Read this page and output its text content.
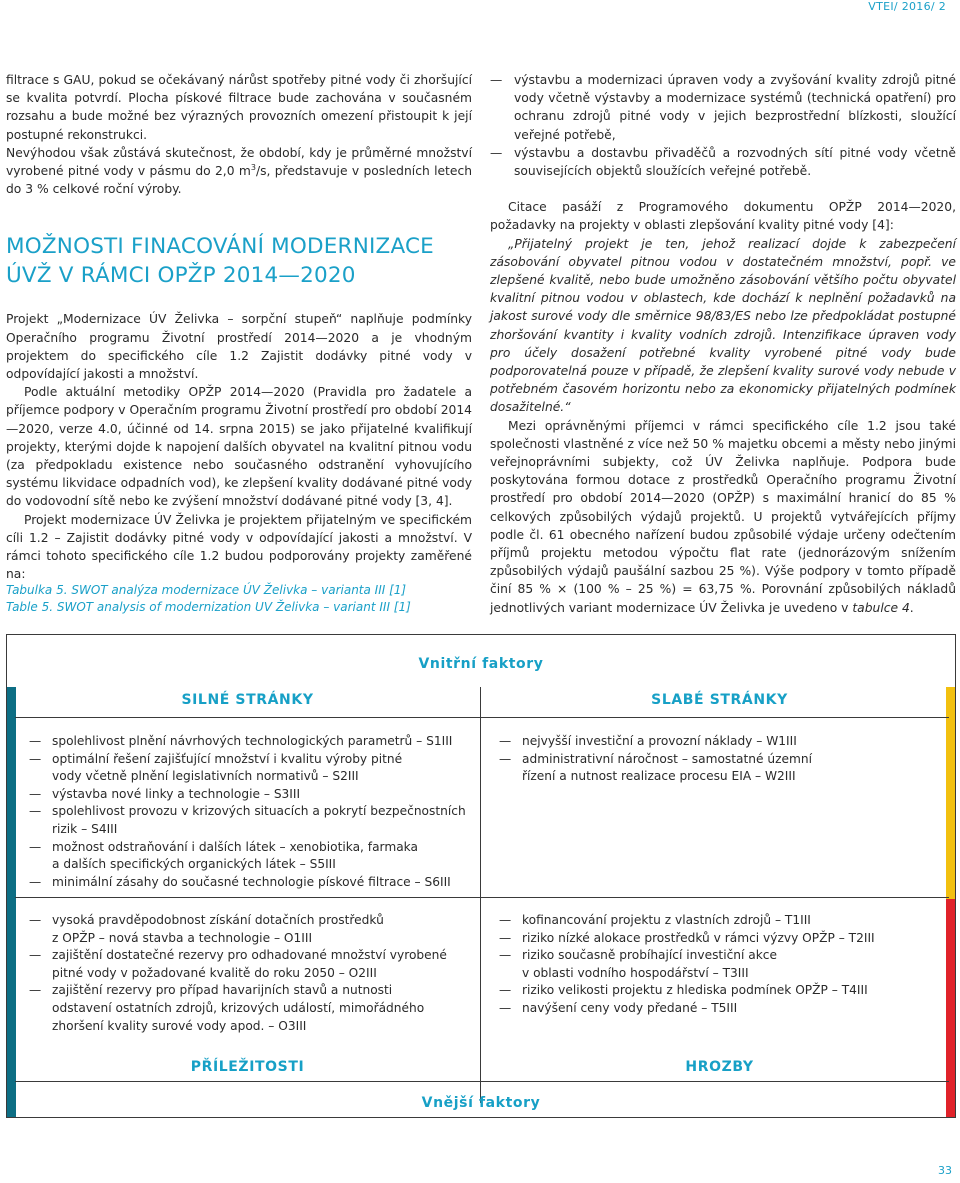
VTEI/ 2016/ 2

filtrace s GAU, pokud se očekávaný nárůst spotřeby pitné vody či zhoršující se kvalita potvrdí. Plocha pískové filtrace bude zachována v současném rozsahu a bude možné bez výrazných provozních omezení přistoupit k její postupné rekonstrukci.

Nevýhodou však zůstává skutečnost, že období, kdy je průměrné množství vyrobené pitné vody v pásmu do 2,0 $m^3/s$, představuje v posledních letech do 3 % celkové roční výroby.

MOŽNOSTI FINACOVÁNÍ MODERNIZACE
ÚVŽ V RÁMCI OPŽP 2014—2020

Projekt „Modernizace ÚV Želivka – sorpční stupeň“ naplňuje podmínky Operačního programu Životní prostředí 2014—2020 a je vhodným projektem do specifického cíle 1.2 Zajistit dodávky pitné vody v odpovídající jakosti a množství.

Podle aktuální metodiky OPŽP 2014—2020 (Pravidla pro žadatele a příjemce podpory v Operačním programu Životní prostředí pro období 2014—2020, verze 4.0, účinné od 14. srpna 2015) se jako přijatelné kvalifikují projekty, kterými dojde k napojení dalších obyvatel na kvalitní pitnou vodu (za předpokladu existence nebo současného odstranění vyhovujícího systému likvidace odpadních vod), ke zlepšení kvality dodávané pitné vody do vodovodní sítě nebo ke zvýšení množství dodávané pitné vody [3, 4].

Projekt modernizace ÚV Želivka je projektem přijatelným ve specifickém cíli 1.2 – Zajistit dodávky pitné vody v odpovídající jakosti a množství. V rámci tohoto specifického cíle 1.2 budou podporovány projekty zaměřené na:

— výstavbu a modernizaci úpraven vody a zvyšování kvality zdrojů pitné vody včetně výstavby a modernizace systémů (technická opatření) pro ochranu zdrojů pitné vody v jejich bezprostřední blízkosti, sloužící veřejné potřebě,
— výstavbu a dostavbu přivaděčů a rozvodných sítí pitné vody včetně souvisejících objektů sloužících veřejné potřebě.

Citace pasáží z Programového dokumentu OPŽP 2014—2020, požadavky na projekty v oblasti zlepšování kvality pitné vody [4]:

„Přijatelný projekt je ten, jehož realizací dojde k zabezpečení zásobování obyvatel pitnou vodou v dostatečném množství, popř. ve zlepšené kvalitě, nebo bude umožněno zásobování většího počtu obyvatel kvalitní pitnou vodou v oblastech, kde dochází k neplnění požadavků na jakost surové vody dle směrnice 98/83/ES nebo lze předpokládat postupné zhoršování kvantity i kvality vodních zdrojů. Intenzifikace úpraven vody pro účely dosažení potřebné kvality vyrobené pitné vody bude podporovatelná pouze v případě, že zlepšení kvality surové vody nebude v potřebném časovém horizontu nebo za ekonomicky přijatelných podmínek dosažitelné.“

Mezi oprávněnými příjemci v rámci specifického cíle 1.2 jsou také společnosti vlastněné z více než 50 % majetku obcemi a městy nebo jinými veřejnoprávními subjekty, což ÚV Želivka naplňuje. Podpora bude poskytována formou dotace z prostředků Operačního programu Životní prostředí pro období 2014—2020 (OPŽP) s maximální hranicí do 85 % celkových způsobilých výdajů projektů. U projektů vytvářejících příjmy podle čl. 61 obecného nařízení budou způsobilé výdaje určeny odečtením příjmů projektu metodou výpočtu flat rate (jednorázovým snížením způsobilých výdajů paušální sazbou 25 %). Výše podpory v tomto případě činí 85 % × (100 % – 25 %) = 63,75 %. Porovnání způsobilých nákladů jednotlivých variant modernizace ÚV Želivka je uvedeno v tabulce 4.

Tabulka 5. SWOT analýza modernizace ÚV Želivka – varianta III [1]
Table 5. SWOT analysis of modernization UV Želivka – variant III [1]
Vnitřní faktory
SILNÉ STRÁNKY	SLABÉ STRÁNKY
— spolehlivost plnění návrhových technologických parametrů – S1III
— optimální řešení zajišťující množství i kvalitu výroby pitné
vody včetně plnění legislativních normativů – S2III
— výstavba nové linky a technologie – S3III
— spolehlivost provozu v krizových situacích a pokrytí bezpečnostních
rizik – S4III
— možnost odstraňování i dalších látek – xenobiotika, farmaka
a dalších specifických organických látek – S5III
— minimální zásahy do současné technologie pískové filtrace – S6III
— nejvyšší investiční a provozní náklady – W1III
— administrativní náročnost – samostatné územní
řízení a nutnost realizace procesu EIA – W2III
— vysoká pravděpodobnost získání dotačních prostředků
z OPŽP – nová stavba a technologie – O1III
— zajištění dostatečné rezervy pro odhadované množství vyrobené
pitné vody v požadované kvalitě do roku 2050 – O2III
— zajištění rezervy pro případ havarijních stavů a nutnosti
odstavení ostatních zdrojů, krizových událostí, mimořádného
zhoršení kvality surové vody apod. – O3III
— kofinancování projektu z vlastních zdrojů – T1III
— riziko nízké alokace prostředků v rámci výzvy OPŽP – T2III
— riziko současně probíhající investiční akce
v oblasti vodního hospodářství – T3III
— riziko velikosti projektu z hlediska podmínek OPŽP – T4III
— navýšení ceny vody předané – T5III
PŘÍLEŽITOSTI	HROZBY
Vnější faktory
33
